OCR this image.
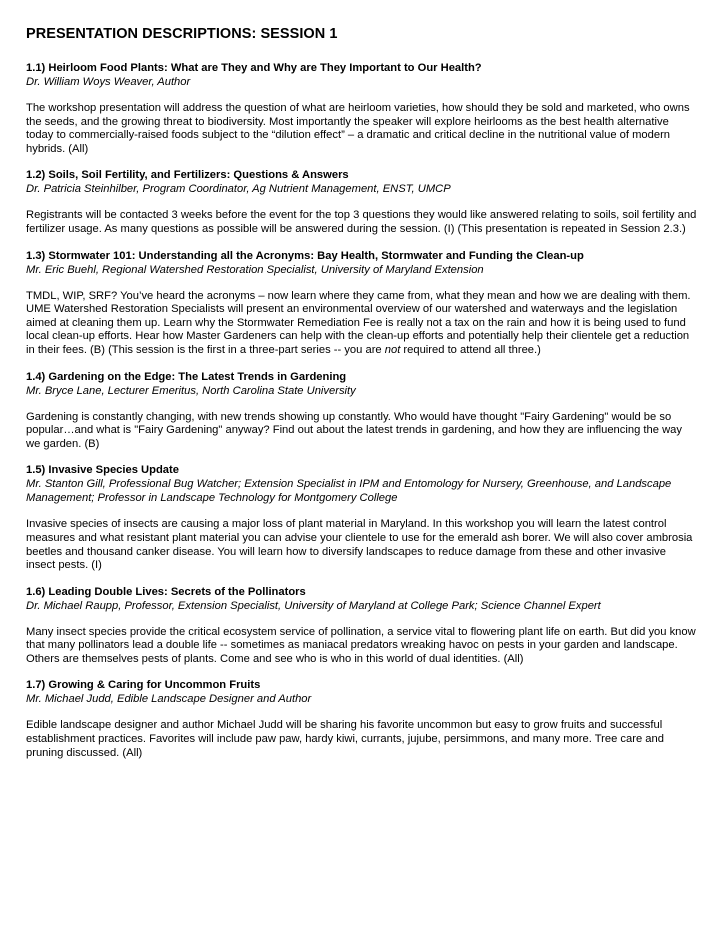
PRESENTATION DESCRIPTIONS: SESSION 1

1.1) Heirloom Food Plants: What are They and Why are They Important to Our Health?

Dr. William Woys Weaver, Author

The workshop presentation will address the question of what are heirloom varieties, how should they be sold and marketed, who owns the seeds, and the growing threat to biodiversity. Most importantly the speaker will explore heirlooms as the best health alternative today to commercially-raised foods subject to the “dilution effect” – a dramatic and critical decline in the nutritional value of modern hybrids. (All)

1.2) Soils, Soil Fertility, and Fertilizers: Questions & Answers

Dr. Patricia Steinhilber, Program Coordinator, Ag Nutrient Management, ENST, UMCP

Registrants will be contacted 3 weeks before the event for the top 3 questions they would like answered relating to soils, soil fertility and fertilizer usage. As many questions as possible will be answered during the session. (I) (This presentation is repeated in Session 2.3.)

1.3) Stormwater 101: Understanding all the Acronyms: Bay Health, Stormwater and Funding the Clean-up

Mr. Eric Buehl, Regional Watershed Restoration Specialist, University of Maryland Extension

TMDL, WIP, SRF? You’ve heard the acronyms – now learn where they came from, what they mean and how we are dealing with them. UME Watershed Restoration Specialists will present an environmental overview of our watershed and waterways and the legislation aimed at cleaning them up. Learn why the Stormwater Remediation Fee is really not a tax on the rain and how it is being used to fund local clean-up efforts. Hear how Master Gardeners can help with the clean-up efforts and potentially help their clientele get a reduction in their fees. (B) (This session is the first in a three-part series -- you are not required to attend all three.)

1.4) Gardening on the Edge: The Latest Trends in Gardening

Mr. Bryce Lane, Lecturer Emeritus, North Carolina State University

Gardening is constantly changing, with new trends showing up constantly. Who would have thought "Fairy Gardening" would be so popular…and what is "Fairy Gardening" anyway? Find out about the latest trends in gardening, and how they are influencing the way we garden. (B)

1.5) Invasive Species Update

Mr. Stanton Gill, Professional Bug Watcher; Extension Specialist in IPM and Entomology for Nursery, Greenhouse, and Landscape Management; Professor in Landscape Technology for Montgomery College

Invasive species of insects are causing a major loss of plant material in Maryland. In this workshop you will learn the latest control measures and what resistant plant material you can advise your clientele to use for the emerald ash borer. We will also cover ambrosia beetles and thousand canker disease. You will learn how to diversify landscapes to reduce damage from these and other invasive insect pests. (I)

1.6) Leading Double Lives: Secrets of the Pollinators

Dr. Michael Raupp, Professor, Extension Specialist, University of Maryland at College Park; Science Channel Expert

Many insect species provide the critical ecosystem service of pollination, a service vital to flowering plant life on earth. But did you know that many pollinators lead a double life -- sometimes as maniacal predators wreaking havoc on pests in your garden and landscape. Others are themselves pests of plants. Come and see who is who in this world of dual identities. (All)

1.7) Growing & Caring for Uncommon Fruits

Mr. Michael Judd, Edible Landscape Designer and Author

Edible landscape designer and author Michael Judd will be sharing his favorite uncommon but easy to grow fruits and successful establishment practices. Favorites will include paw paw, hardy kiwi, currants, jujube, persimmons, and many more. Tree care and pruning discussed. (All)
